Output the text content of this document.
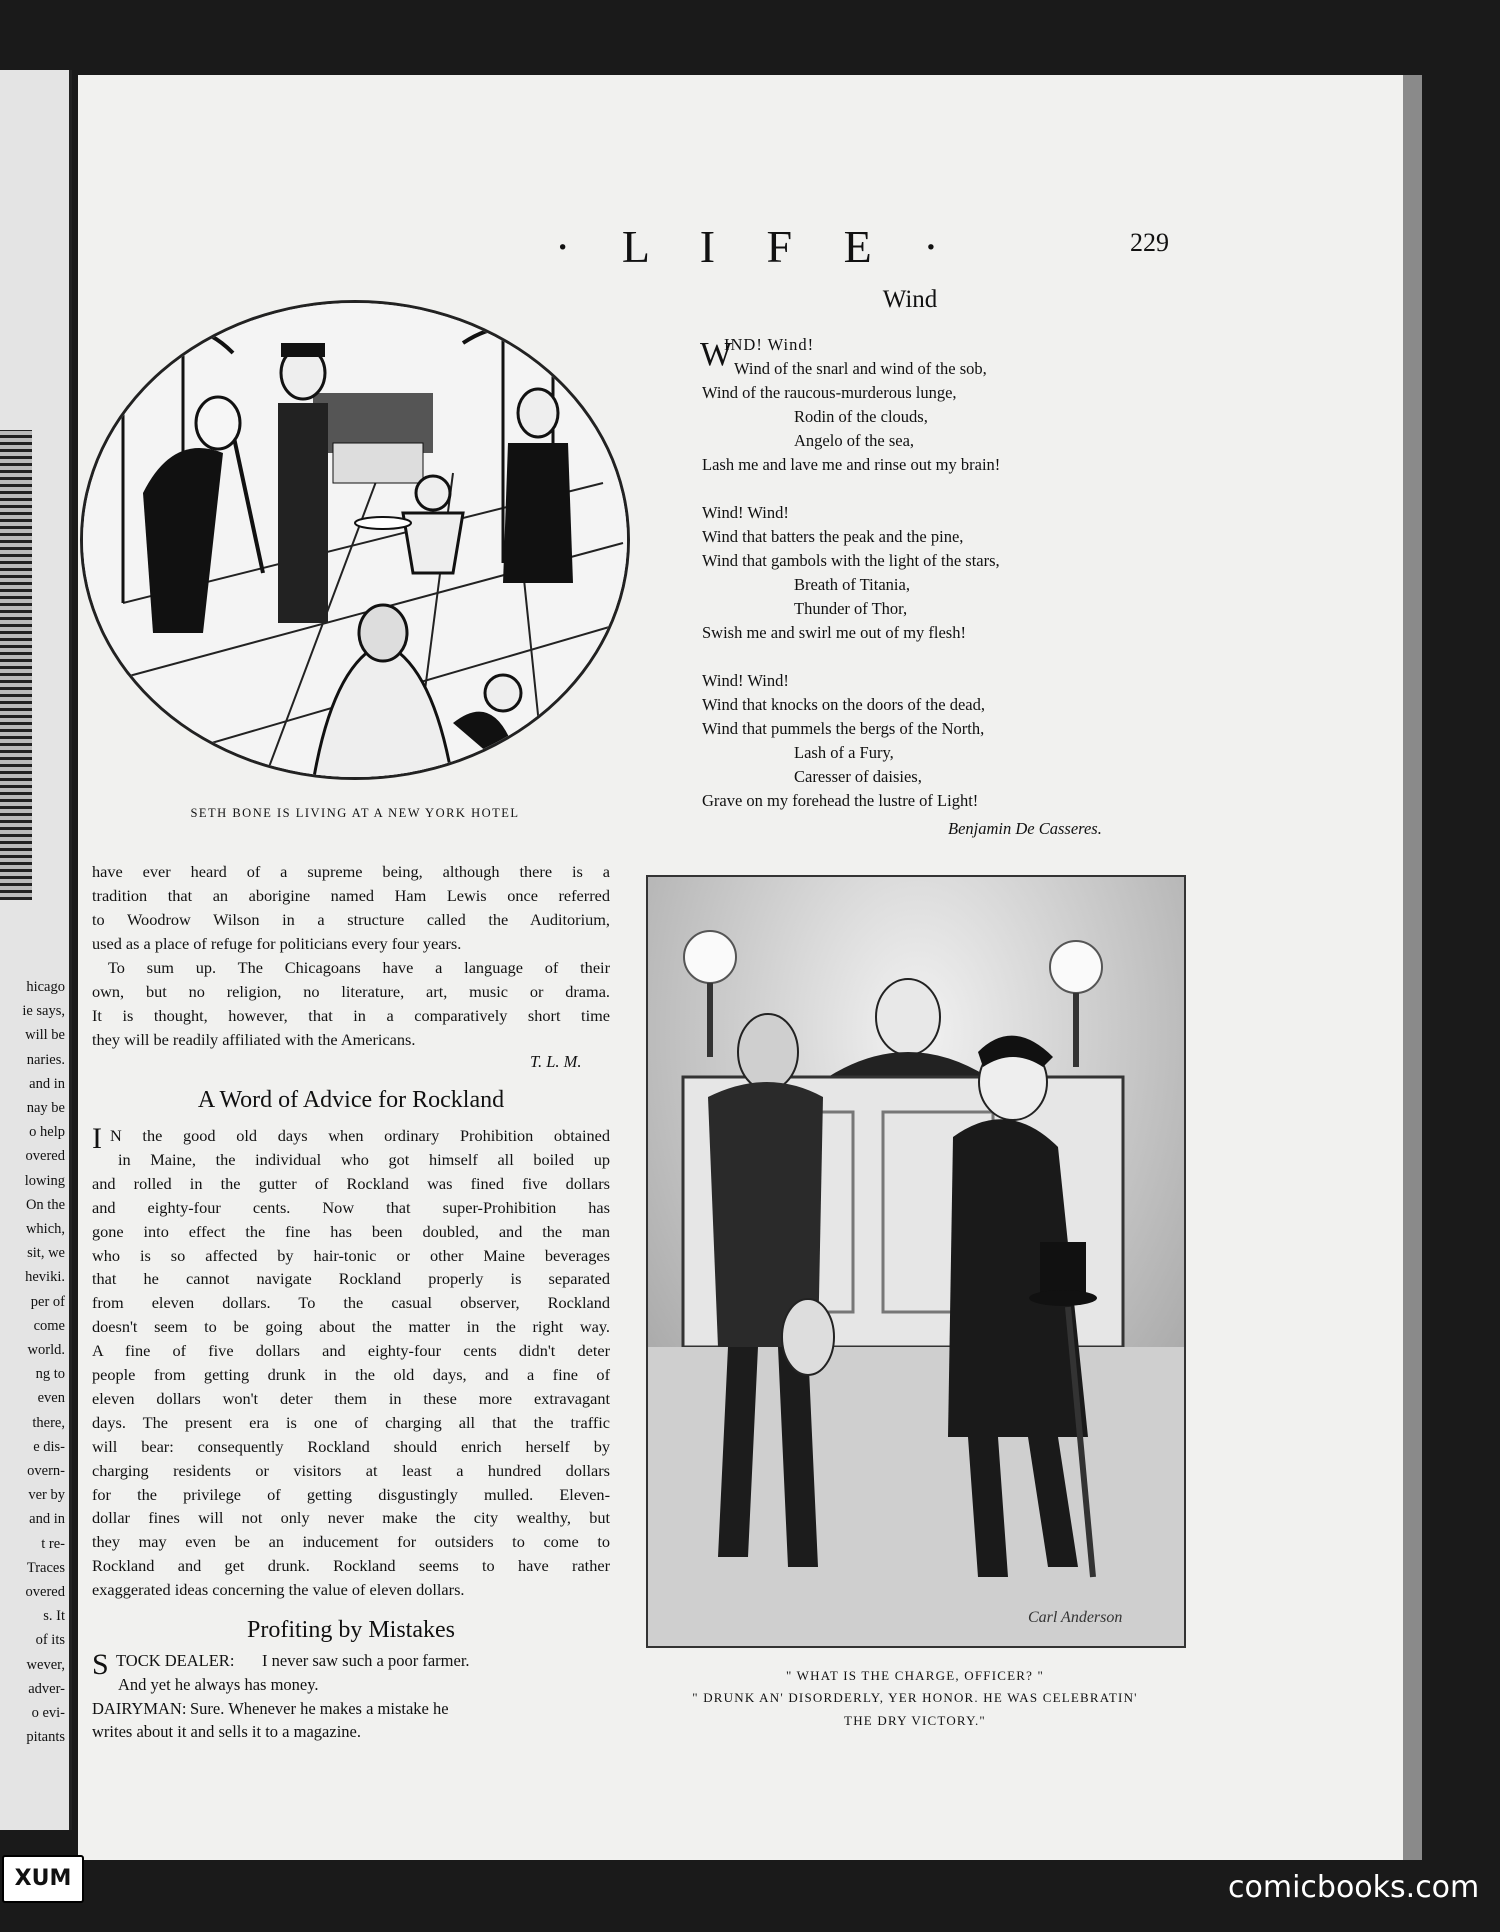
hicago
ie says,
will be
naries.
and in
nay be
o help
overed
lowing
On the
which,
sit, we
heviki.
per of
come
world.
ng to
even
there,
e dis-
overn-
ver by
and in
t re-
Traces
overed
s. It
of its
wever,
adver-
o evi-
pitants
· L I F E ·	229
SETH BONE IS LIVING AT A NEW YORK HOTEL
Wind
W
IND! Wind!
Wind of the snarl and wind of the sob,
Wind of the raucous-murderous lunge,
Rodin of the clouds,
Angelo of the sea,
Lash me and lave me and rinse out my brain!
Wind! Wind!
Wind that batters the peak and the pine,
Wind that gambols with the light of the stars,
Breath of Titania,
Thunder of Thor,
Swish me and swirl me out of my flesh!
Wind! Wind!
Wind that knocks on the doors of the dead,
Wind that pummels the bergs of the North,
Lash of a Fury,
Caresser of daisies,
Grave on my forehead the lustre of Light!
Benjamin De Casseres.
have ever heard of a supreme being, although there is a
tradition that an aborigine named Ham Lewis once referred
to Woodrow Wilson in a structure called the Auditorium,
used as a place of refuge for politicians every four years.
To sum up. The Chicagoans have a language of their
own, but no religion, no literature, art, music or drama.
It is thought, however, that in a comparatively short time
they will be readily affiliated with the Americans.
T. L. M.
A Word of Advice for Rockland
I N the good old days when ordinary Prohibition obtained
in Maine, the individual who got himself all boiled up
and rolled in the gutter of Rockland was fined five dollars
and eighty-four cents. Now that super-Prohibition has
gone into effect the fine has been doubled, and the man
who is so affected by hair-tonic or other Maine beverages
that he cannot navigate Rockland properly is separated
from eleven dollars. To the casual observer, Rockland
doesn't seem to be going about the matter in the right way.
A fine of five dollars and eighty-four cents didn't deter
people from getting drunk in the old days, and a fine of
eleven dollars won't deter them in these more extravagant
days. The present era is one of charging all that the traffic
will bear: consequently Rockland should enrich herself by
charging residents or visitors at least a hundred dollars
for the privilege of getting disgustingly mulled. Eleven-
dollar fines will not only never make the city wealthy, but
they may even be an inducement for outsiders to come to
Rockland and get drunk. Rockland seems to have rather
exaggerated ideas concerning the value of eleven dollars.
Profiting by Mistakes
S TOCK DEALER: I never saw such a poor farmer.
And yet he always has money.
DAIRYMAN: Sure. Whenever he makes a mistake he
writes about it and sells it to a magazine.
Carl Anderson
" WHAT IS THE CHARGE, OFFICER? "
" DRUNK AN' DISORDERLY, YER HONOR. HE WAS CELEBRATIN'
THE DRY VICTORY."
XUM	comicbooks.com
